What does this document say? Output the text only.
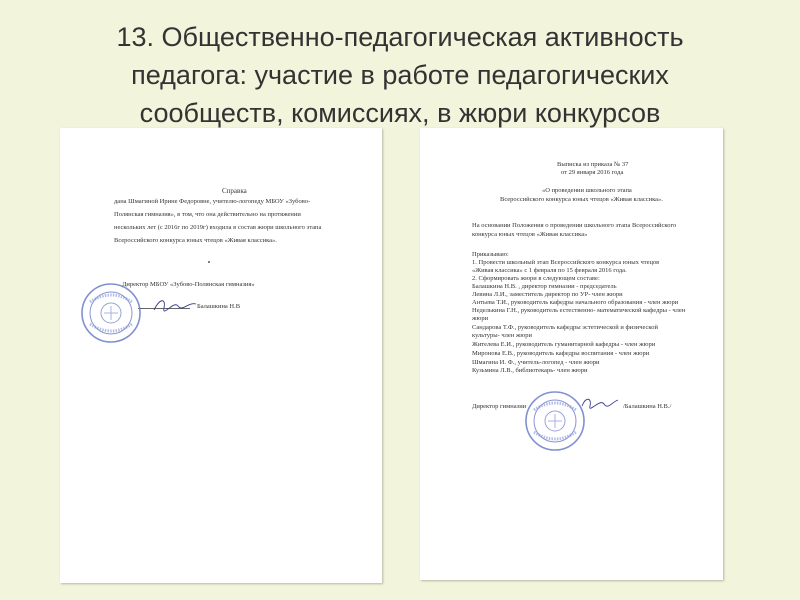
13. Общественно-педагогическая активность
педагога: участие в работе педагогических
сообществ, комиссиях, в жюри конкурсов
Справка
дана Шмагиной Ирине Федоровне, учителю-логопеду МБОУ «Зубово-
Полянская гимназия», в том, что она действительно на протяжении
нескольких лет (с 2016г по 2019г) входила в состав жюри школьного этапа
Всероссийского конкурса юных чтецов «Живая классика».
Директор МБОУ «Зубово-Полянская гимназия»
Балашкина Н.В
Выписка из приказа № 37
от 29 января 2016 года
«О проведении школьного этапа
Всероссийского конкурса юных чтецов «Живая классика».
На основании Положения о проведении школьного этапа Всероссийского
конкурса юных чтецов «Живая классика»
Приказываю:
1. Провести школьный этап Всероссийского конкурса юных чтецов
«Живая классика» с 1 февраля по 15 февраля 2016 года.
2. Сформировать жюри в следующем составе:
Балашкина Н.В. , директор гимназии - председатель
Левина Л.И., заместитель директор по УР- член жюри
Антьева Т.И., руководитель кафедры начального образования - член жюри
Неделькина Г.Н., руководитель естественно- математической кафедры - член
жюри
Сандарова Т.Ф., руководитель кафедры эстетической и физической
культуры- член жюри
Жителева Е.И., руководитель гуманитарной кафедры - член жюри
Миронова Е.В., руководитель кафедры воспитания - член жюри
Шмагина И. Ф., учитель-логопед - член жюри
Кузьмина Л.В., библиотекарь- член жюри
Директор гимназии	/Балашкина Н.В./
